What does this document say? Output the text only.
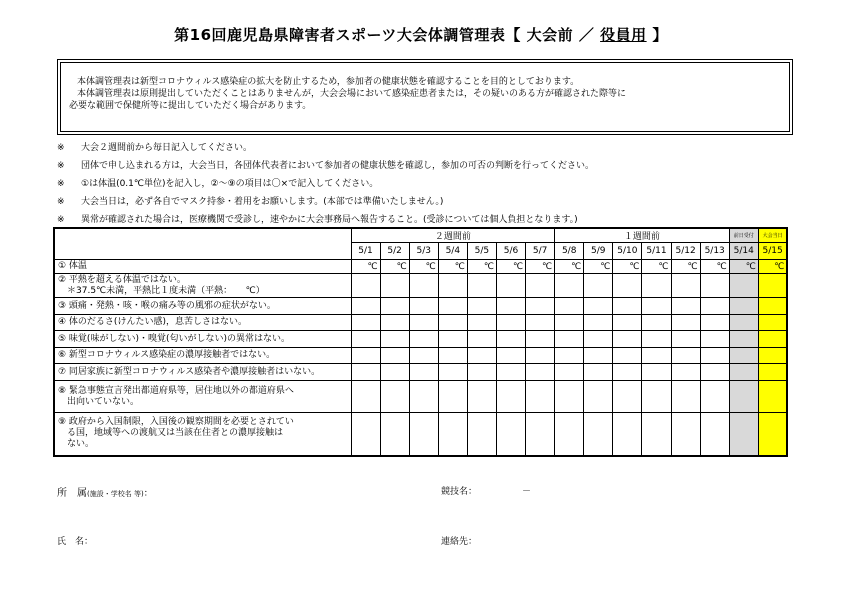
第16回鹿児島県障害者スポーツ大会体調管理表【 大会前 ／ 役員用 】
本体調管理表は新型コロナウィルス感染症の拡大を防止するため，参加者の健康状態を確認することを目的としております。
本体調管理表は原則提出していただくことはありませんが，大会会場において感染症患者または，その疑いのある方が確認された際等に
必要な範囲で保健所等に提出していただく場合があります。
※	大会２週間前から毎日記入してください。
※	団体で申し込まれる方は，大会当日，各団体代表者において参加者の健康状態を確認し，参加の可否の判断を行ってください。
※	①は体温(0.1℃単位)を記入し，②～⑨の項目は〇×で記入してください。
※	大会当日は，必ず各自でマスク持参・着用をお願いします。(本部では準備いたしません。)
※	異常が確認された場合は，医療機関で受診し，速やかに大会事務局へ報告すること。(受診については個人負担となります。)
	２週間前							１週間前						前日受付	大会当日
	5/1	5/2	5/3	5/4	5/5	5/6	5/7	5/8	5/9	5/10	5/11	5/12	5/13	5/14	5/15
① 体温	℃	℃	℃	℃	℃	℃	℃	℃	℃	℃	℃	℃	℃	℃	℃
② 平熱を超える体温ではない。
　＊37.5℃未満，平熱比１度未満（平熱：　　℃）															
③ 頭痛・発熱・咳・喉の痛み等の風邪の症状がない。															
④ 体のだるさ(けんたい感)，息苦しさはない。															
⑤ 味覚(味がしない)・嗅覚(匂いがしない)の異常はない。															
⑥ 新型コロナウィルス感染症の濃厚接触者ではない。															
⑦ 同居家族に新型コロナウィルス感染者や濃厚接触者はいない。															
⑧ 緊急事態宣言発出都道府県等，居住地以外の都道府県へ
　出向いていない。															
⑨ 政府から入国制限，入国後の観察期間を必要とされてい
　る国，地域等への渡航又は当該在住者との濃厚接触は
　ない。															
所　属(施設・学校名 等)：	競技名：	－
氏　名：	連絡先：
